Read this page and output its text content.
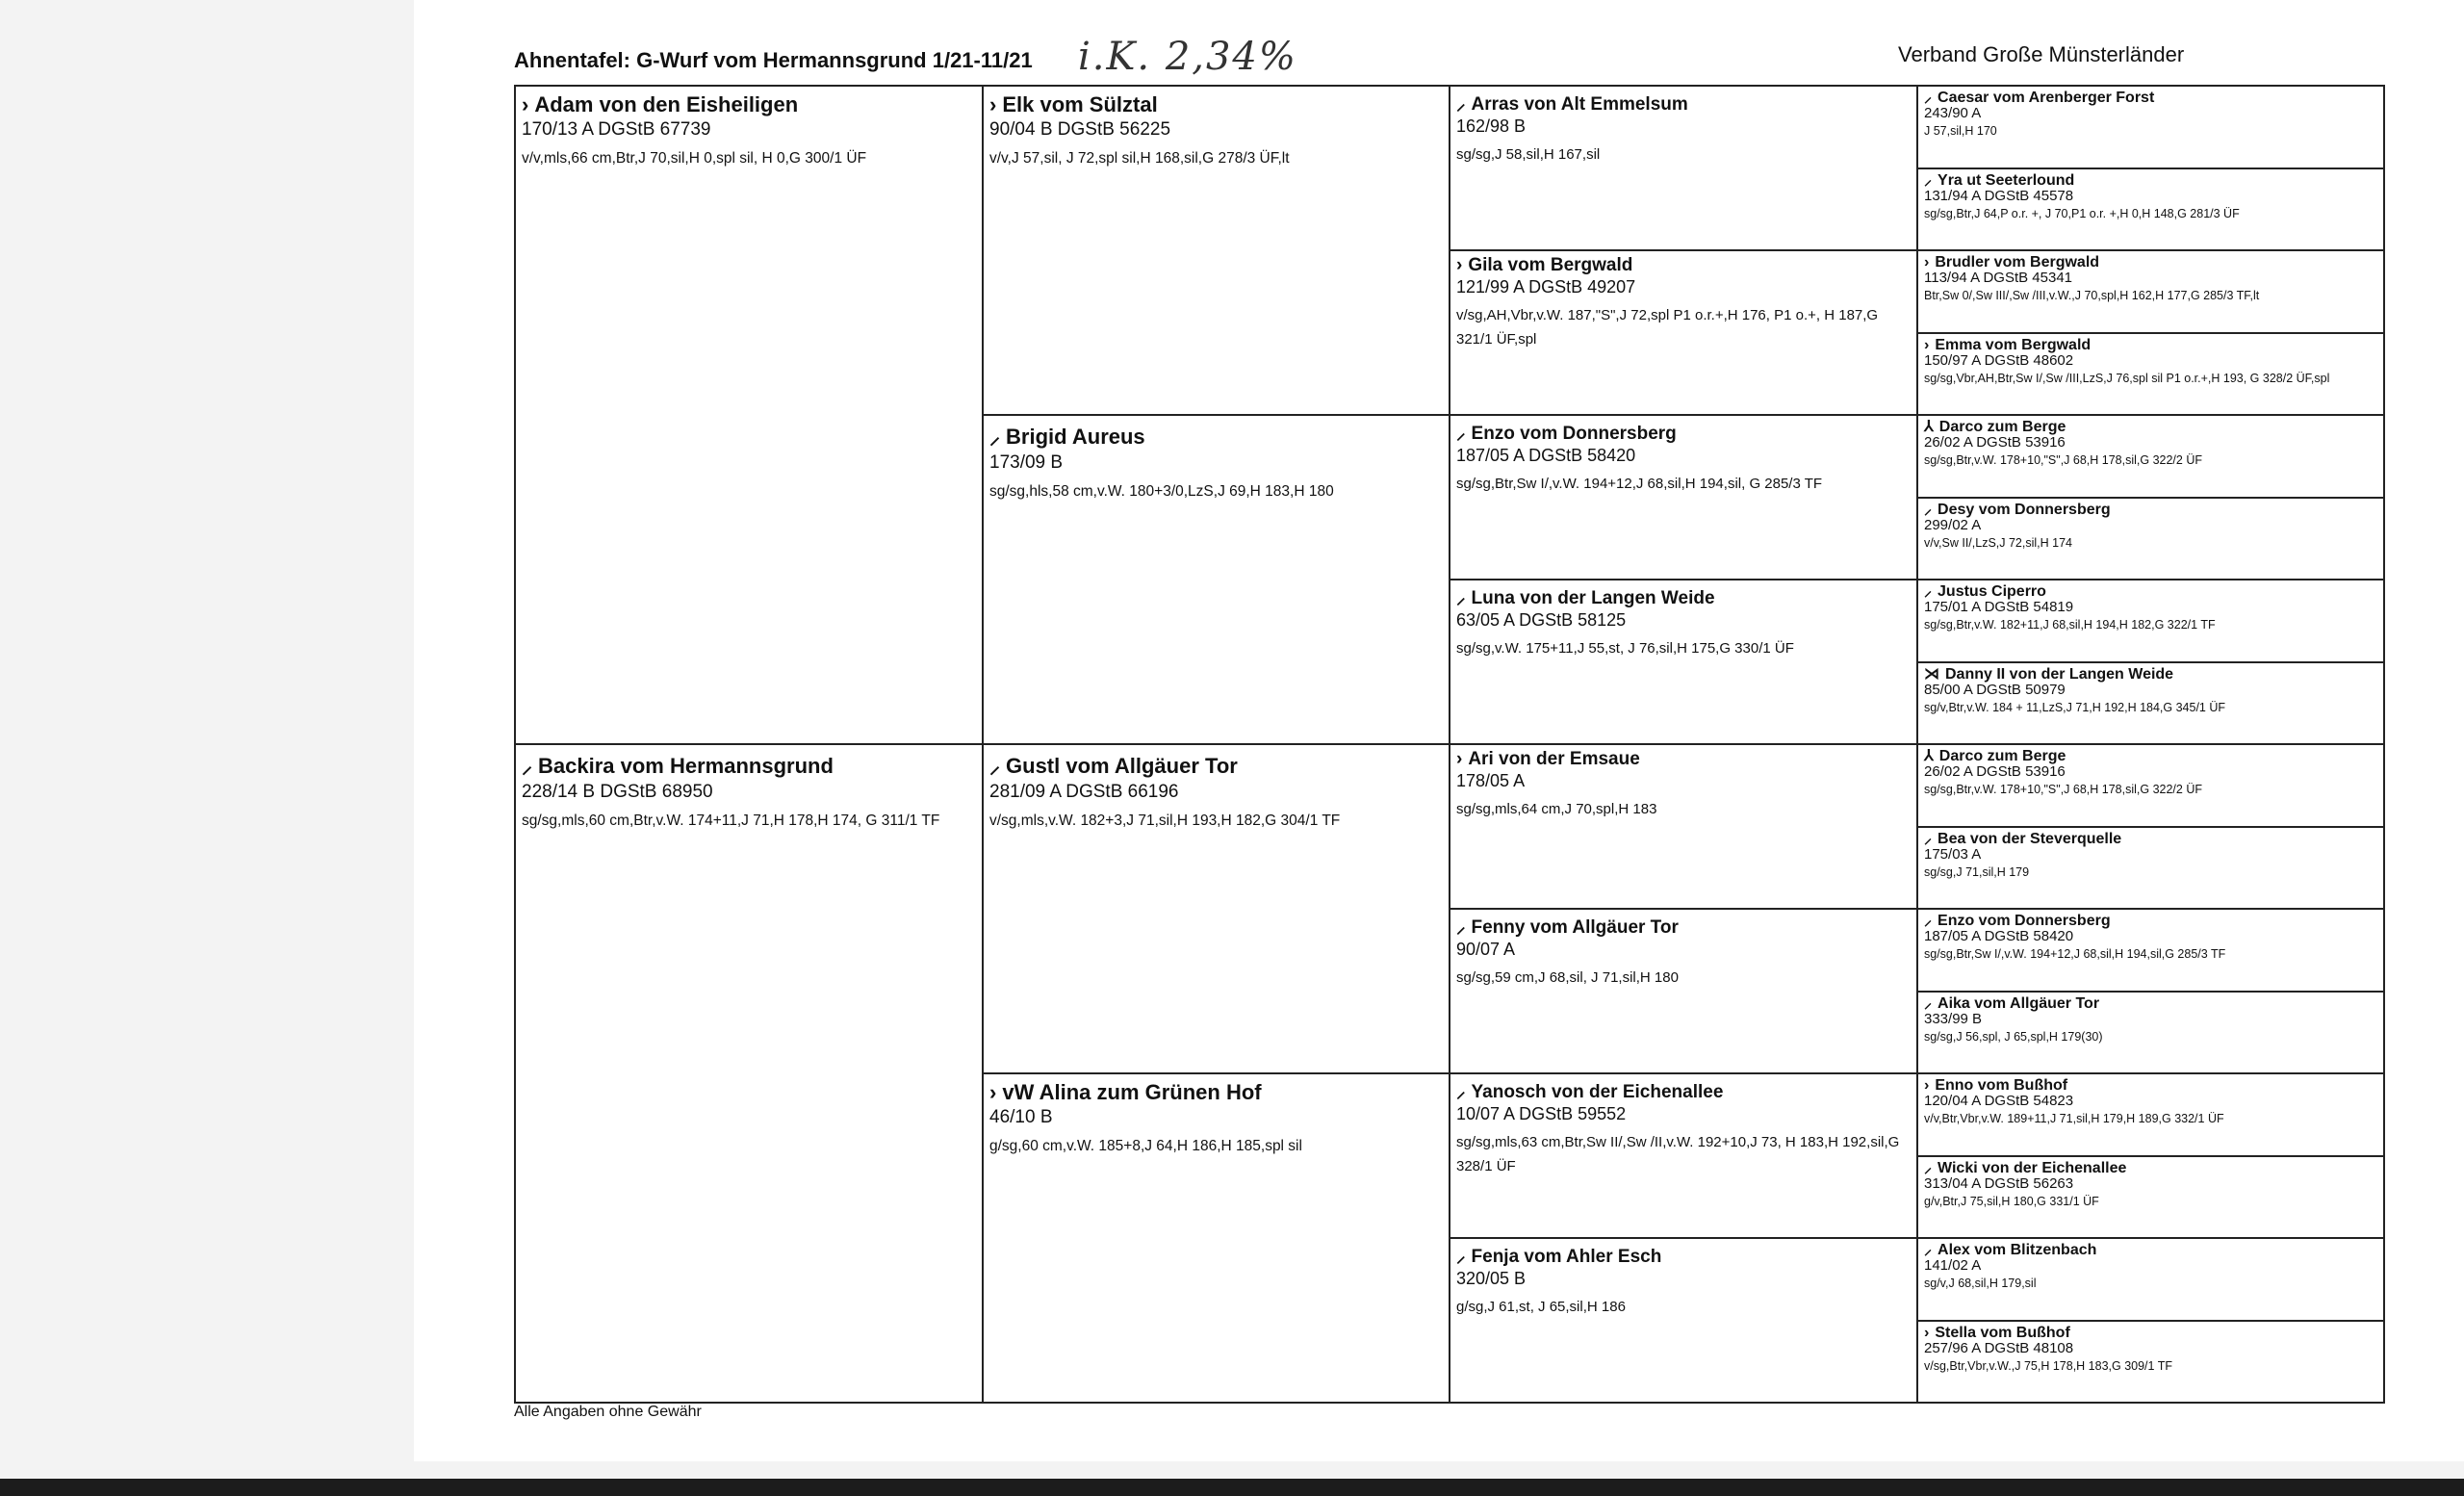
Ahnentafel: G-Wurf vom Hermannsgrund 1/21-11/21 i.K. 2,34%	Verband Große Münsterländer
Alle Angaben ohne Gewähr
› Adam von den Eisheiligen
170/13 A DGStB 67739
v/v,mls,66 cm,Btr,J 70,sil,H 0,spl sil, H 0,G 300/1 ÜF
⸝ Backira vom Hermannsgrund
228/14 B DGStB 68950
sg/sg,mls,60 cm,Btr,v.W. 174+11,J 71,H 178,H 174, G 311/1 TF
› Elk vom Sülztal
90/04 B DGStB 56225
v/v,J 57,sil, J 72,spl sil,H 168,sil,G 278/3 ÜF,lt
⸝ Brigid Aureus
173/09 B
sg/sg,hls,58 cm,v.W. 180+3/0,LzS,J 69,H 183,H 180
⸝ Gustl vom Allgäuer Tor
281/09 A DGStB 66196
v/sg,mls,v.W. 182+3,J 71,sil,H 193,H 182,G 304/1 TF
› vW Alina zum Grünen Hof
46/10 B
g/sg,60 cm,v.W. 185+8,J 64,H 186,H 185,spl sil
⸝ Arras von Alt Emmelsum
162/98 B
sg/sg,J 58,sil,H 167,sil
› Gila vom Bergwald
121/99 A DGStB 49207
v/sg,AH,Vbr,v.W. 187,"S",J 72,spl P1 o.r.+,H 176, P1 o.+, H 187,G 321/1 ÜF,spl
⸝ Enzo vom Donnersberg
187/05 A DGStB 58420
sg/sg,Btr,Sw I/,v.W. 194+12,J 68,sil,H 194,sil, G 285/3 TF
⸝ Luna von der Langen Weide
63/05 A DGStB 58125
sg/sg,v.W. 175+11,J 55,st, J 76,sil,H 175,G 330/1 ÜF
› Ari von der Emsaue
178/05 A
sg/sg,mls,64 cm,J 70,spl,H 183
⸝ Fenny vom Allgäuer Tor
90/07 A
sg/sg,59 cm,J 68,sil, J 71,sil,H 180
⸝ Yanosch von der Eichenallee
10/07 A DGStB 59552
sg/sg,mls,63 cm,Btr,Sw II/,Sw /II,v.W. 192+10,J 73, H 183,H 192,sil,G 328/1 ÜF
⸝ Fenja vom Ahler Esch
320/05 B
g/sg,J 61,st, J 65,sil,H 186
⸝ Caesar vom Arenberger Forst
243/90 A
J 57,sil,H 170
⸝ Yra ut Seeterlound
131/94 A DGStB 45578
sg/sg,Btr,J 64,P o.r. +, J 70,P1 o.r. +,H 0,H 148,G 281/3 ÜF
› Brudler vom Bergwald
113/94 A DGStB 45341
Btr,Sw 0/,Sw III/,Sw /III,v.W.,J 70,spl,H 162,H 177,G 285/3 TF,lt
› Emma vom Bergwald
150/97 A DGStB 48602
sg/sg,Vbr,AH,Btr,Sw I/,Sw /III,LzS,J 76,spl sil P1 o.r.+,H 193, G 328/2 ÜF,spl
⅄ Darco zum Berge
26/02 A DGStB 53916
sg/sg,Btr,v.W. 178+10,"S",J 68,H 178,sil,G 322/2 ÜF
⸝ Desy vom Donnersberg
299/02 A
v/v,Sw II/,LzS,J 72,sil,H 174
⸝ Justus Ciperro
175/01 A DGStB 54819
sg/sg,Btr,v.W. 182+11,J 68,sil,H 194,H 182,G 322/1 TF
⋊ Danny II von der Langen Weide
85/00 A DGStB 50979
sg/v,Btr,v.W. 184 + 11,LzS,J 71,H 192,H 184,G 345/1 ÜF
⅄ Darco zum Berge
26/02 A DGStB 53916
sg/sg,Btr,v.W. 178+10,"S",J 68,H 178,sil,G 322/2 ÜF
⸝ Bea von der Steverquelle
175/03 A
sg/sg,J 71,sil,H 179
⸝ Enzo vom Donnersberg
187/05 A DGStB 58420
sg/sg,Btr,Sw I/,v.W. 194+12,J 68,sil,H 194,sil,G 285/3 TF
⸝ Aika vom Allgäuer Tor
333/99 B
sg/sg,J 56,spl, J 65,spl,H 179(30)
› Enno vom Bußhof
120/04 A DGStB 54823
v/v,Btr,Vbr,v.W. 189+11,J 71,sil,H 179,H 189,G 332/1 ÜF
⸝ Wicki von der Eichenallee
313/04 A DGStB 56263
g/v,Btr,J 75,sil,H 180,G 331/1 ÜF
⸝ Alex vom Blitzenbach
141/02 A
sg/v,J 68,sil,H 179,sil
› Stella vom Bußhof
257/96 A DGStB 48108
v/sg,Btr,Vbr,v.W.,J 75,H 178,H 183,G 309/1 TF
